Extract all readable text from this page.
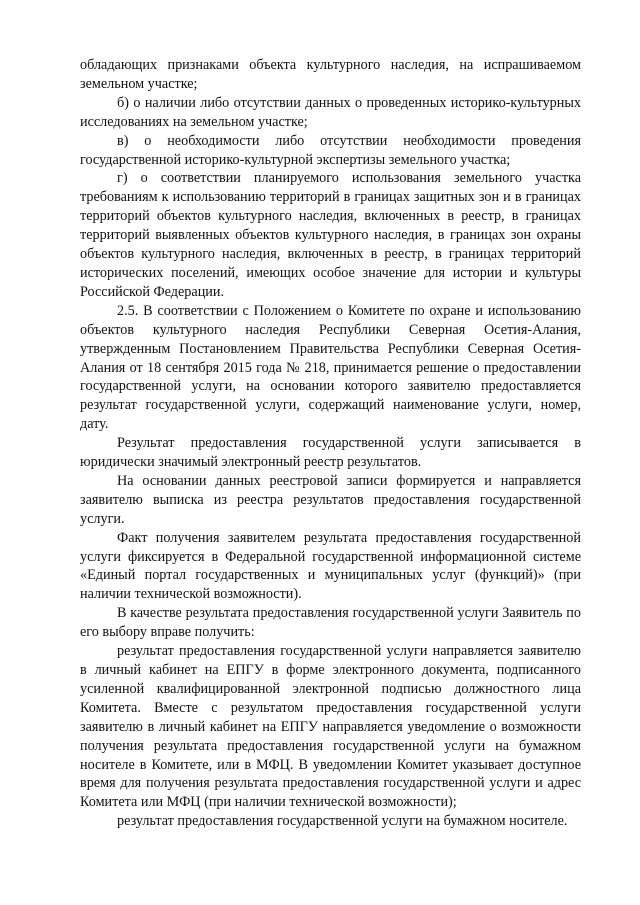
обладающих признаками объекта культурного наследия, на испрашиваемом земельном участке;

б) о наличии либо отсутствии данных о проведенных историко-культурных исследованиях на земельном участке;

в) о необходимости либо отсутствии необходимости проведения государственной историко-культурной экспертизы земельного участка;

г) о соответствии планируемого использования земельного участка требованиям к использованию территорий в границах защитных зон и в границах территорий объектов культурного наследия, включенных в реестр, в границах территорий выявленных объектов культурного наследия, в границах зон охраны объектов культурного наследия, включенных в реестр, в границах территорий исторических поселений, имеющих особое значение для истории и культуры Российской Федерации.

2.5. В соответствии с Положением о Комитете по охране и использованию объектов культурного наследия Республики Северная Осетия-Алания, утвержденным Постановлением Правительства Республики Северная Осетия-Алания от 18 сентября 2015 года № 218, принимается решение о предоставлении государственной услуги, на основании которого заявителю предоставляется результат государственной услуги, содержащий наименование услуги, номер, дату.

Результат предоставления государственной услуги записывается в юридически значимый электронный реестр результатов.

На основании данных реестровой записи формируется и направляется заявителю выписка из реестра результатов предоставления государственной услуги.

Факт получения заявителем результата предоставления государственной услуги фиксируется в Федеральной государственной информационной системе «Единый портал государственных и муниципальных услуг (функций)» (при наличии технической возможности).

В качестве результата предоставления государственной услуги Заявитель по его выбору вправе получить:

результат предоставления государственной услуги направляется заявителю в личный кабинет на ЕПГУ в форме электронного документа, подписанного усиленной квалифицированной электронной подписью должностного лица Комитета. Вместе с результатом предоставления государственной услуги заявителю в личный кабинет на ЕПГУ направляется уведомление о возможности получения результата предоставления государственной услуги на бумажном носителе в Комитете, или в МФЦ. В уведомлении Комитет указывает доступное время для получения результата предоставления государственной услуги и адрес Комитета или МФЦ (при наличии технической возможности);

результат предоставления государственной услуги на бумажном носителе.
